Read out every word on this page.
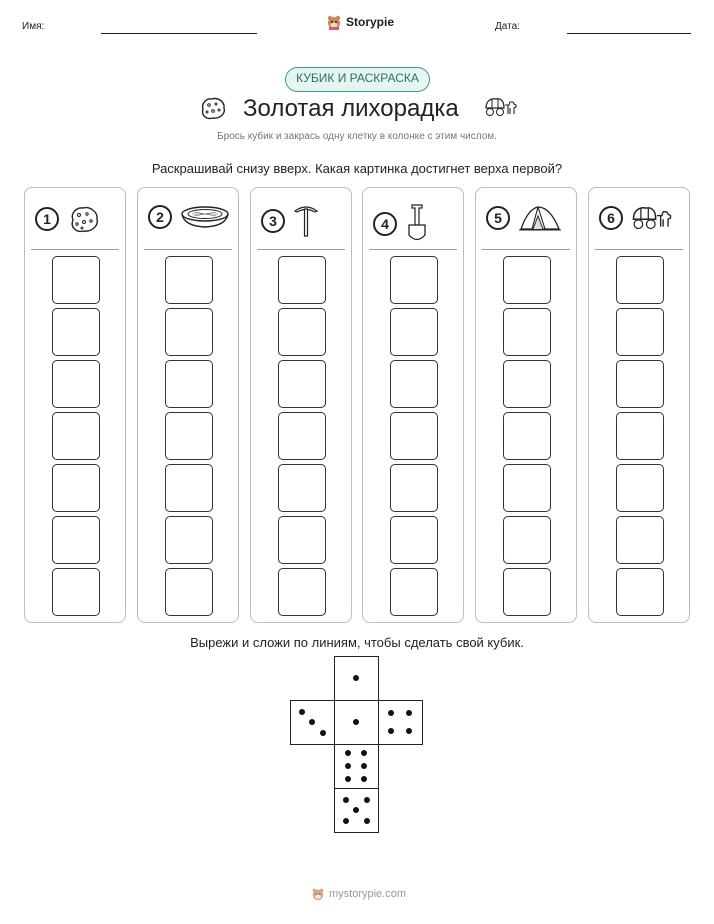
Имя:	Storypie	Дата:
КУБИК И РАСКРАСКА
Золотая лихорадка
Брось кубик и закрась одну клетку в колонке с этим числом.
Раскрашивай снизу вверх. Какая картинка достигнет верха первой?
1	2	3	4	5	6
Вырежи и сложи по линиям, чтобы сделать свой кубик.
mystorypie.com
